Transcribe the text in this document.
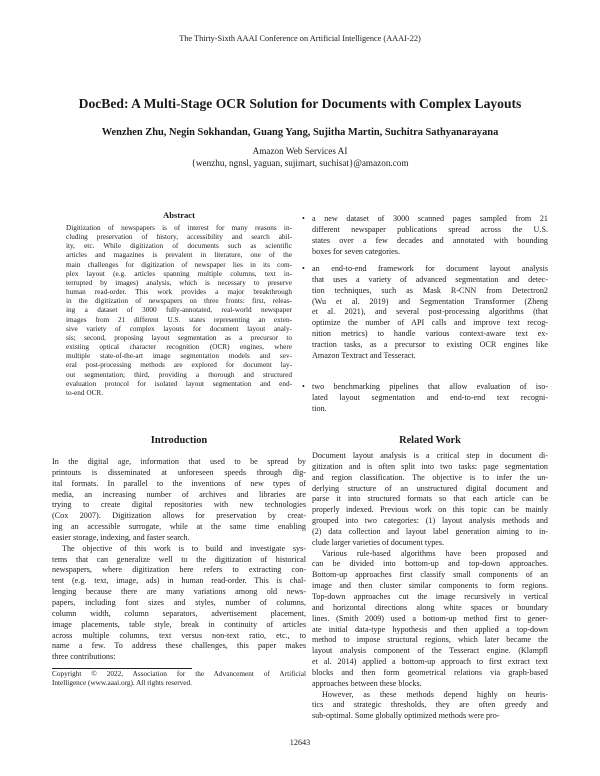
The Thirty-Sixth AAAI Conference on Artificial Intelligence (AAAI-22)

DocBed: A Multi-Stage OCR Solution for Documents with Complex Layouts

Wenzhen Zhu, Negin Sokhandan, Guang Yang, Sujitha Martin, Suchitra Sathyanarayana

Amazon Web Services AI

{wenzhu, ngnsl, yaguan, sujimart, suchisat}@amazon.com

Abstract
Digitization of newspapers is of interest for many reasons in-
cluding preservation of history, accessibility and search abil-
ity, etc. While digitization of documents such as scientific
articles and magazines is prevalent in literature, one of the
main challenges for digitization of newspaper lies in its com-
plex layout (e.g. articles spanning multiple columns, text in-
terrupted by images) analysis, which is necessary to preserve
human read-order. This work provides a major breakthrough
in the digitization of newspapers on three fronts: first, releas-
ing a dataset of 3000 fully-annotated, real-world newspaper
images from 21 different U.S. states representing an exten-
sive variety of complex layouts for document layout analy-
sis; second, proposing layout segmentation as a precursor to
existing optical character recognition (OCR) engines, where
multiple state-of-the-art image segmentation models and sev-
eral post-processing methods are explored for document lay-
out segmentation; third, providing a thorough and structured
evaluation protocol for isolated layout segmentation and end-
to-end OCR.
Introduction
In the digital age, information that used to be spread by
printouts is disseminated at unforeseen speeds through dig-
ital formats. In parallel to the inventions of new types of
media, an increasing number of archives and libraries are
trying to create digital repositories with new technologies
(Cox 2007). Digitization allows for preservation by creat-
ing an accessible surrogate, while at the same time enabling
easier storage, indexing, and faster search.
The objective of this work is to build and investigate sys-
tems that can generalize well to the digitization of historical
newspapers, where digitization here refers to extracting con-
tent (e.g. text, image, ads) in human read-order. This is chal-
lenging because there are many variations among old news-
papers, including font sizes and styles, number of columns,
column width, column separators, advertisement placement,
image placements, table style, break in continuity of articles
across multiple columns, text versus non-text ratio, etc., to
name a few. To address these challenges, this paper makes
three contributions:
Copyright © 2022, Association for the Advancement of Artificial
Intelligence (www.aaai.org). All rights reserved.
• a new dataset of 3000 scanned pages sampled from 21
different newspaper publications spread across the U.S.
states over a few decades and annotated with bounding
boxes for seven categories.
• an end-to-end framework for document layout analysis
that uses a variety of advanced segmentation and detec-
tion techniques, such as Mask R-CNN from Detectron2
(Wu et al. 2019) and Segmentation Transformer (Zheng
et al. 2021), and several post-processing algorithms (that
optimize the number of API calls and improve text recog-
nition metrics) to handle various context-aware text ex-
traction tasks, as a precursor to existing OCR engines like
Amazon Textract and Tesseract.
• two benchmarking pipelines that allow evaluation of iso-
lated layout segmentation and end-to-end text recogni-
tion.
Related Work
Document layout analysis is a critical step in document di-
gitization and is often split into two tasks: page segmentation
and region classification. The objective is to infer the un-
derlying structure of an unstructured digital document and
parse it into structured formats so that each article can be
properly indexed. Previous work on this topic can be mainly
grouped into two categories: (1) layout analysis methods and
(2) data collection and layout label generation aiming to in-
clude larger varieties of document types.
Various rule-based algorithms have been proposed and
can be divided into bottom-up and top-down approaches.
Bottom-up approaches first classify small components of an
image and then cluster similar components to form regions.
Top-down approaches cut the image recursively in vertical
and horizontal directions along white spaces or boundary
lines. (Smith 2009) used a bottom-up method first to gener-
ate initial data-type hypothesis and then applied a top-down
method to impose structural regions, which later became the
layout analysis component of the Tesseract engine. (Klampfl
et al. 2014) applied a bottom-up approach to first extract text
blocks and then form geometrical relations via graph-based
approaches between these blocks.
However, as these methods depend highly on heuris-
tics and strategic thresholds, they are often greedy and
sub-optimal. Some globally optimized methods were pro-

12643
